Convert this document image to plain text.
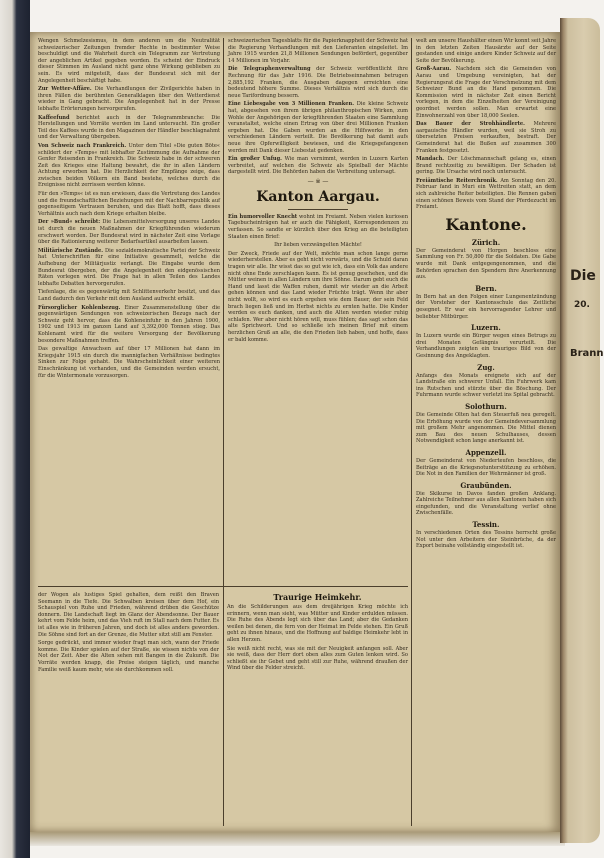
Wengen Schmelzesismus, in dem anderen um die Neutralität schweizerischer Zeitungen fremder Rechte in bestimmter Weise beschuldigt und die Wahrheit durch ein Telegramm zur Vertretung der angeblichen Artikel gegeben worden. Es scheint der Eindruck dieser Stimmen im Ausland nicht ganz ohne Wirkung geblieben zu sein. Es wird mitgeteilt, dass der Bundesrat sich mit der Angelegenheit beschäftigt habe.

Zur Wetter-Affäre. Die Verhandlungen der Zivilgerichte haben in ihren Fällen die berühmten Generalklagen über den Wetterdienst wieder in Gang gebracht. Die Angelegenheit hat in der Presse lebhafte Erörterungen hervorgerufen.

Kaffeefund berichtet auch in der Telegrammbranche: Die Herstellungen und Vorräte werden im Land untersucht. Ein großer Teil des Kaffees wurde in den Magazinen der Händler beschlagnahmt und der Verwaltung übergeben.

Von Schweiz nach Frankreich. Unter dem Titel »Die guten Böte« schildert der »Temps« mit lebhafter Zustimmung die Aufnahme der Genfer Reisenden in Frankreich. Die Schweiz habe in der schweren Zeit des Krieges eine Haltung bewahrt, die ihr in allen Ländern Achtung erworben hat. Die Herzlichkeit der Empfänge zeige, dass zwischen beiden Völkern ein Band bestehe, welches durch die Ereignisse nicht zerrissen werden könne.

Für den »Temps« ist es nun erwiesen, dass die Vertretung des Landes und die freundschaftlichen Beziehungen mit der Nachbarrepublik auf gegenseitigem Vertrauen beruhen, und das Blatt hofft, dass dieses Verhältnis auch nach dem Kriege erhalten bleibe.

Der »Bund« schreibt: Die Lebensmittelversorgung unseres Landes ist durch die neuen Maßnahmen der Kriegführenden wiederum erschwert worden. Der Bundesrat wird in nächster Zeit eine Vorlage über die Rationierung weiterer Bedarfsartikel ausarbeiten lassen.

Militärische Zustände. Die sozialdemokratische Partei der Schweiz hat Unterschriften für eine Initiative gesammelt, welche die Aufhebung der Militärjustiz verlangt. Die Eingabe wurde dem Bundesrat übergeben, der die Angelegenheit den eidgenössischen Räten vorlegen wird. Die Frage hat in allen Teilen des Landes lebhafte Debatten hervorgerufen.

Tiefenlage, die es gegenwärtig mit Schlittenverkehr besitzt, und das Land dadurch den Verkehr mit dem Ausland aufrecht erhält.

Fürsorglicher Kohlenbezug. Einer Zusammenstellung über die gegenwärtigen Sendungen von schweizerischen Bezugs nach der Schweiz geht hervor, dass die Kohleneinfuhr in den Jahren 1900, 1902 und 1913 im ganzen Land auf 3,392,000 Tonnen stieg. Das Kohlenamt wird für die weitere Versorgung der Bevölkerung besondere Maßnahmen treffen.

Das gewaltige Anwachsen auf über 17 Millionen hat dann im Kriegsjahr 1915 ein durch die mannigfachen Verhältnisse bedingtes Sinken zur Folge gehabt. Die Wahrscheinlichkeit einer weiteren Einschränkung ist vorhanden, und die Gemeinden werden ersucht, für die Wintermonate vorzusorgen.

schweizerischen Tagesblatts für die Papierknappheit der Schweiz hat die Regierung Verhandlungen mit den Lieferanten eingeleitet. Im Jahre 1915 wurden 21,8 Millionen Sendungen befördert, gegenüber 14 Millionen im Vorjahr.

Die Telegraphenverwaltung der Schweiz veröffentlicht ihre Rechnung für das Jahr 1916. Die Betriebseinnahmen betrugen 2,885,192 Franken, die Ausgaben dagegen erreichten eine bedeutend höhere Summe. Dieses Verhältnis wird sich durch die neue Tarifordnung bessern.

Eine Liebesgabe von 3 Millionen Franken. Die kleine Schweiz hat, abgesehen von ihrem übrigen philanthropischen Wirken, zum Wohle der Angehörigen der kriegführenden Staaten eine Sammlung veranstaltet, welche einen Ertrag von über drei Millionen Franken ergeben hat. Die Gaben wurden an die Hilfswerke in den verschiedenen Ländern verteilt. Die Bevölkerung hat damit aufs neue ihre Opferwilligkeit bewiesen, und die Kriegsgefangenen werden mit Dank dieser Liebestat gedenken.

Ein großer Unfug. Wie man vernimmt, werden in Luzern Karten verbreitet, auf welchen die Schweiz als Spielball der Mächte dargestellt wird. Die Behörden haben die Verbreitung untersagt.

— ※ —
Kanton Aargau.

Ein humorvoller Knecht wohnt im Freiamt. Neben vielen kuriosen Tagebucheinträgen hat er auch die Fähigkeit, Korrespondenzen zu verfassen. So sandte er kürzlich über den Krieg an die beteiligten Staaten einen Brief:

Ihr lieben verzwängelten Mächte!

Der Zweck, Friede auf der Welt, möchte man schon lange gerne wiederherstellen. Aber es geht nicht vorwärts, und die Schuld daran tragen wir alle. Ihr wisst das so gut wie ich, dass ein Volk das andere nicht ohne Ende zerschlagen kann. Es ist genug geschehen, und die Mütter weinen in allen Ländern um ihre Söhne. Darum gebt euch die Hand und lasst die Waffen ruhen, damit wir wieder an die Arbeit gehen können und das Land wieder Früchte trägt. Wenn ihr aber nicht wollt, so wird es euch ergehen wie dem Bauer, der sein Feld brach liegen ließ und im Herbst nichts zu ernten hatte. Die Kinder werden es euch danken, und auch die Alten werden wieder ruhig schlafen. Wer aber nicht hören will, muss fühlen; das sagt schon das alte Sprichwort. Und so schließe ich meinen Brief mit einem herzlichen Gruß an alle, die den Frieden lieb haben, und hoffe, dass er bald komme.

welt am unsere Haushälter einen Wir konnt seit Jahre in den letzten Zeiten Hausärzte auf der Seite gestanden und einige andere Kinder Schweiz auf der Seite der Bevölkerung.

Groß-Aarau. Nachdem sich die Gemeinden von Aarau und Umgebung vereinigten, hat der Regierungsrat die Frage der Verschmelzung mit dem Schweizer Bund an die Hand genommen. Die Kommission wird in nächster Zeit einen Bericht vorlegen, in dem die Einzelheiten der Vereinigung geordnet werden sollen. Man erwartet eine Einwohnerzahl von über 18,000 Seelen.

Das Bauer der Strohhändlerte. Mehrere aargauische Händler wurden, weil sie Stroh zu übersetzten Preisen verkauften, bestraft. Der Gemeinderat hat die Bußen auf zusammen 300 Franken festgesetzt.

Mandach. Der Löschmannschaft gelang es, einen Brand rechtzeitig zu bewältigen. Der Schaden ist gering. Die Ursache wird noch untersucht.

Freiämtische Reiterchronik. Am Sonntag den 20. Februar fand in Muri ein Wettreiten statt, an dem sich zahlreiche Reiter beteiligten. Die Rennen gaben einen schönen Beweis vom Stand der Pferdezucht im Freiamt.

Kantone.
Zürich.

Der Gemeinderat von Horgen beschloss eine Sammlung von Fr. 50,800 für die Soldaten. Die Gabe wurde mit Dank entgegengenommen, und die Behörden sprachen den Spendern ihre Anerkennung aus.

Bern.

In Bern hat an den Folgen einer Lungenentzündung der Vorsteher der Kantonsschule das Zeitliche gesegnet. Er war ein hervorragender Lehrer und beliebter Mitbürger.

Luzern.

In Luzern wurde ein Bürger wegen eines Betrugs zu drei Monaten Gefängnis verurteilt. Die Verhandlungen zeigten ein trauriges Bild von der Gesinnung des Angeklagten.

Zug.

Anfangs des Monats ereignete sich auf der Landstraße ein schwerer Unfall. Ein Fuhrwerk kam ins Rutschen und stürzte über die Böschung. Der Fuhrmann wurde schwer verletzt ins Spital gebracht.

Solothurn.

Die Gemeinde Olten hat den Steuerfuß neu geregelt. Die Erhöhung wurde von der Gemeindeversammlung mit großem Mehr angenommen. Die Mittel dienen zum Bau des neuen Schulhauses, dessen Notwendigkeit schon lange anerkannt ist.

Appenzell.

Der Gemeinderat von Niederteufen beschloss, die Beiträge an die Kriegsnotunterstützung zu erhöhen. Die Not in den Familien der Wehrmänner ist groß.

Graubünden.

Die Skikurse in Davos fanden großen Anklang. Zahlreiche Teilnehmer aus allen Kantonen haben sich eingefunden, und die Veranstaltung verlief ohne Zwischenfälle.

Tessin.

In verschiedenen Orten des Tessins herrscht große Not unter den Arbeitern der Steinbrüche, da der Export beinahe vollständig eingestellt ist.

der Wogen als lustiges Spiel gehalten, dem reißt den Braven Seemann in die Tiefe. Die Schwalben kreisen über dem Hof, ein Schauspiel von Ruhe und Frieden, während drüben die Geschütze donnern. Die Landschaft liegt im Glanz der Abendsonne. Der Bauer kehrt vom Felde heim, und das Vieh ruft im Stall nach dem Futter. Es ist alles wie in früheren Jahren, und doch ist alles anders geworden. Die Söhne sind fort an der Grenze, die Mutter sitzt still am Fenster.

Sorge gedrückt, und immer wieder fragt man sich, wann der Friede komme. Die Kinder spielen auf der Straße, sie wissen nichts von der Not der Zeit. Aber die Alten sehen mit Bangen in die Zukunft. Die Vorräte werden knapp, die Preise steigen täglich, und manche Familie weiß kaum mehr, wie sie durchkommen soll.

Traurige Heimkehr.

An die Schilderungen aus dem dreijährigen Krieg möchte ich erinnern, wenn man sieht, was Mütter und Kinder erdulden müssen. Die Ruhe des Abends legt sich über das Land; aber die Gedanken weilen bei denen, die fern von der Heimat im Felde stehen. Ein Gruß geht zu ihnen hinaus, und die Hoffnung auf baldige Heimkehr lebt in allen Herzen.

Sie weiß nicht recht, was sie mit der Neuigkeit anfangen soll. Aber sie weiß, dass der Herr dort oben alles zum Guten lenken wird. So schließt sie ihr Gebet und geht still zur Ruhe, während draußen der Wind über die Felder streicht.

Die
Brann
20.
